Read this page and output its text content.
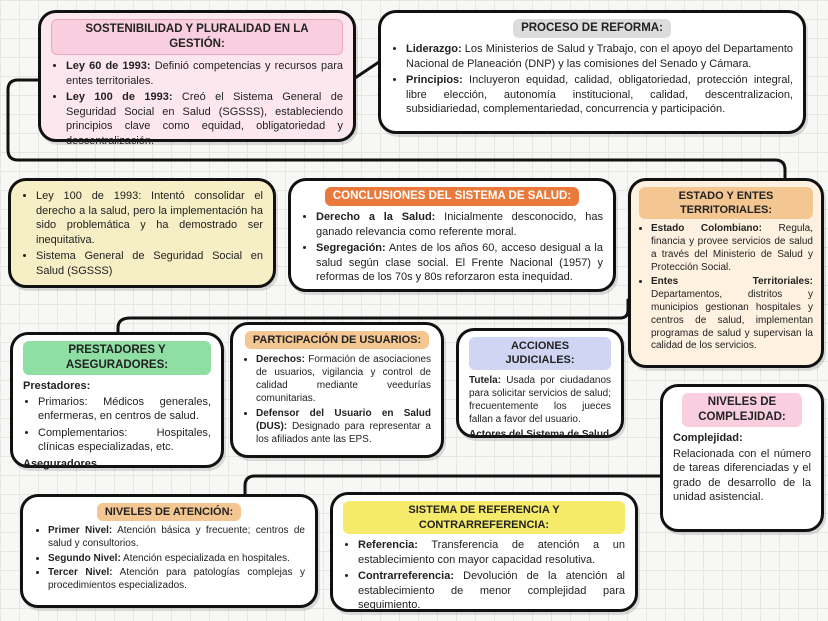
SOSTENIBILIDAD Y PLURALIDAD EN LA GESTIÓN:
• Ley 60 de 1993: Definió competencias y recursos para entes territoriales.
• Ley 100 de 1993: Creó el Sistema General de Seguridad Social en Salud (SGSSS), estableciendo principios clave como equidad, obligatoriedad y descentralización.
PROCESO DE REFORMA:
• Liderazgo: Los Ministerios de Salud y Trabajo, con el apoyo del Departamento Nacional de Planeación (DNP) y las comisiones del Senado y Cámara.
• Principios: Incluyeron equidad, calidad, obligatoriedad, protección integral, libre elección, autonomía institucional, calidad, descentralizacion, subsidiariedad, complementariedad, concurrencia y participación.
• Ley 100 de 1993: Intentó consolidar el derecho a la salud, pero la implementación ha sido problemática y ha demostrado ser inequitativa.
• Sistema General de Seguridad Social en Salud (SGSSS)
CONCLUSIONES DEL SISTEMA DE SALUD:
• Derecho a la Salud: Inicialmente desconocido, has ganado relevancia como referente moral.
• Segregación: Antes de los años 60, acceso desigual a la salud según clase social. El Frente Nacional (1957) y reformas de los 70s y 80s reforzaron esta inequidad.
ESTADO Y ENTES TERRITORIALES:
• Estado Colombiano: Regula, financia y provee servicios de salud a través del Ministerio de Salud y Protección Social.
• Entes Territoriales: Departamentos, distritos y municipios gestionan hospitales y centros de salud, implementan programas de salud y supervisan la calidad de los servicios.
PRESTADORES Y ASEGURADORES:

Prestadores:

• Primarios: Médicos generales, enfermeras, en centros de salud.
• Complementarios:	Hospitales, clínicas especializadas, etc.

Aseguradores

PARTICIPACIÓN DE USUARIOS:
• Derechos: Formación de asociaciones de usuarios, vigilancia y control de calidad mediante veedurías comunitarias.
• Defensor del Usuario en Salud (DUS): Designado para representar a los afiliados ante las EPS.
ACCIONES JUDICIALES:

Tutela: Usada por ciudadanos para solicitar servicios de salud; frecuentemente los jueces fallan a favor del usuario.

Actores del Sistema de Salud

NIVELES DE COMPLEJIDAD:

Complejidad:

Relacionada con el número de tareas diferenciadas y el grado de desarrollo de la unidad asistencial.

NIVELES DE ATENCIÓN:
• Primer Nivel: Atención básica y frecuente; centros de salud y consultorios.
• Segundo Nivel: Atención especializada en hospitales.
• Tercer Nivel: Atención para patologías complejas y procedimientos especializados.
SISTEMA DE REFERENCIA Y CONTRARREFERENCIA:
• Referencia: Transferencia de atención a un establecimiento con mayor capacidad resolutiva.
• Contrarreferencia: Devolución de la atención al establecimiento de menor complejidad para seguimiento.
